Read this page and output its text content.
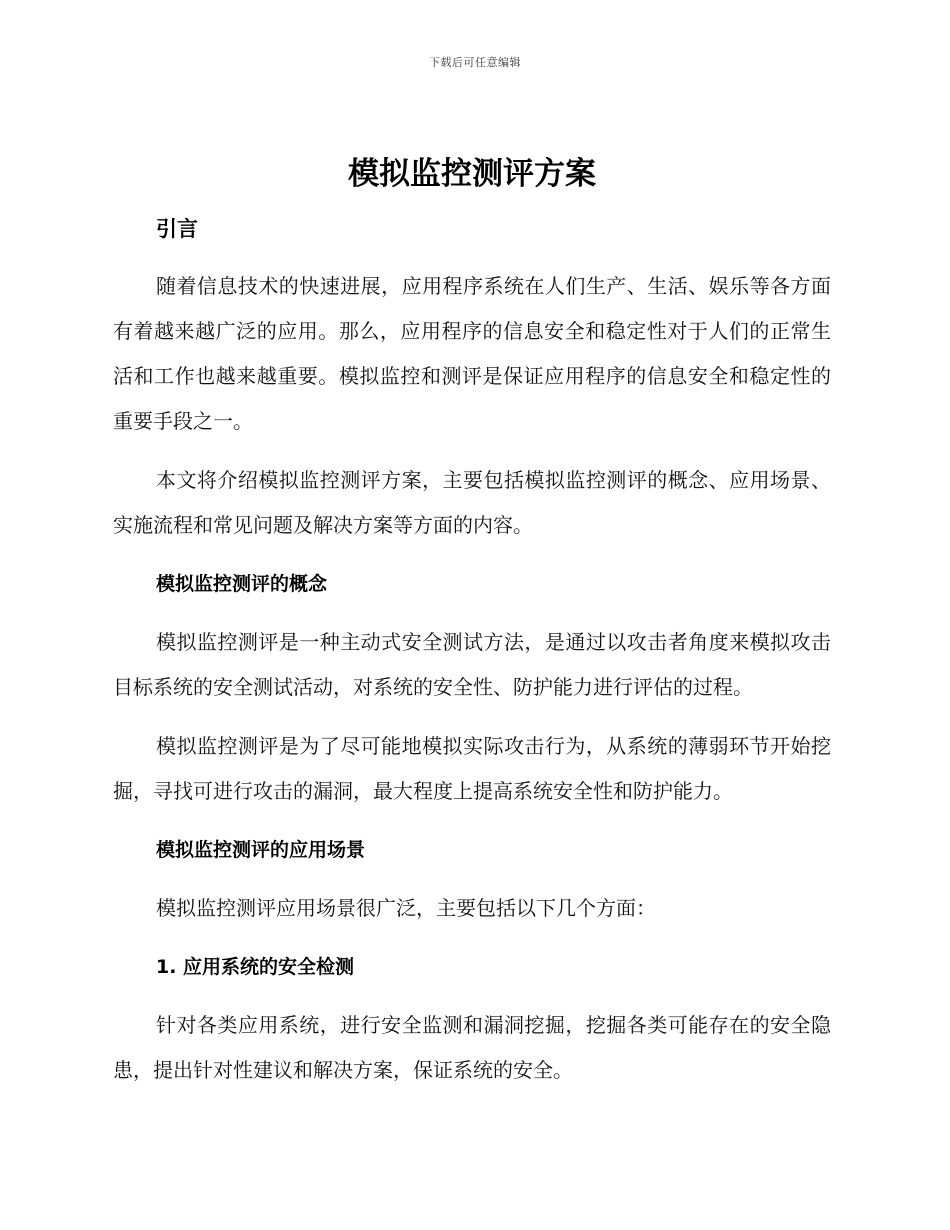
下载后可任意编辑
模拟监控测评方案
引言

随着信息技术的快速进展，应用程序系统在人们生产、生活、娱乐等各方面有着越来越广泛的应用。那么，应用程序的信息安全和稳定性对于人们的正常生活和工作也越来越重要。模拟监控和测评是保证应用程序的信息安全和稳定性的重要手段之一。

本文将介绍模拟监控测评方案，主要包括模拟监控测评的概念、应用场景、实施流程和常见问题及解决方案等方面的内容。

模拟监控测评的概念

模拟监控测评是一种主动式安全测试方法，是通过以攻击者角度来模拟攻击目标系统的安全测试活动，对系统的安全性、防护能力进行评估的过程。

模拟监控测评是为了尽可能地模拟实际攻击行为，从系统的薄弱环节开始挖掘，寻找可进行攻击的漏洞，最大程度上提高系统安全性和防护能力。

模拟监控测评的应用场景

模拟监控测评应用场景很广泛，主要包括以下几个方面：

1. 应用系统的安全检测

针对各类应用系统，进行安全监测和漏洞挖掘，挖掘各类可能存在的安全隐患，提出针对性建议和解决方案，保证系统的安全。
